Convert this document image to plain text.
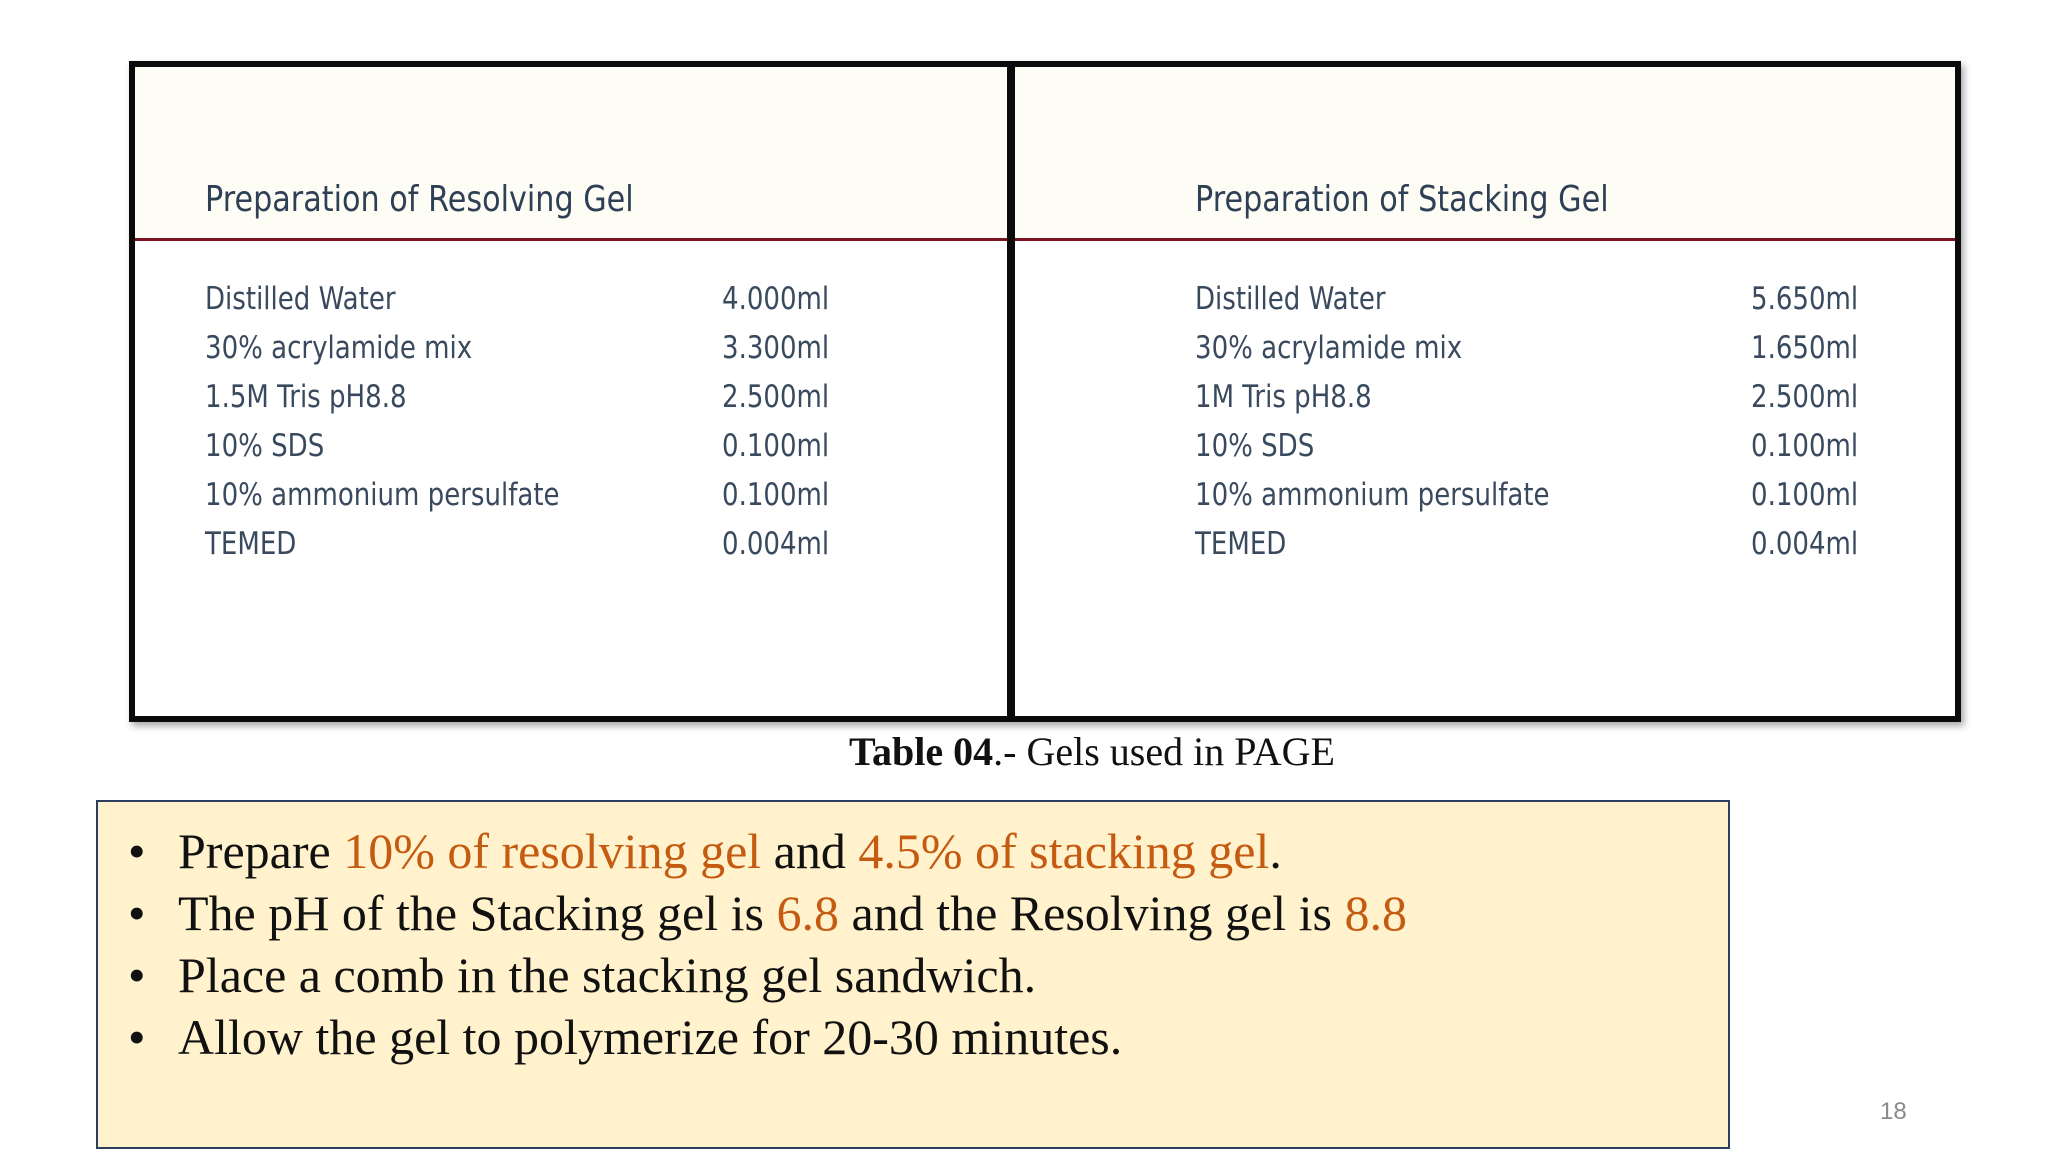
Preparation of Resolving Gel
Distilled Water	4.000ml
30% acrylamide mix	3.300ml
1.5M Tris pH8.8	2.500ml
10% SDS	0.100ml
10% ammonium persulfate	0.100ml
TEMED	0.004ml
Preparation of Stacking Gel
Distilled Water	5.650ml
30% acrylamide mix	1.650ml
1M Tris pH8.8	2.500ml
10% SDS	0.100ml
10% ammonium persulfate	0.100ml
TEMED	0.004ml
Table 04.- Gels used in PAGE
• Prepare 10% of resolving gel and 4.5% of stacking gel.
• The pH of the Stacking gel is 6.8 and the Resolving gel is 8.8
• Place a comb in the stacking gel sandwich.
• Allow the gel to polymerize for 20-30 minutes.
18
